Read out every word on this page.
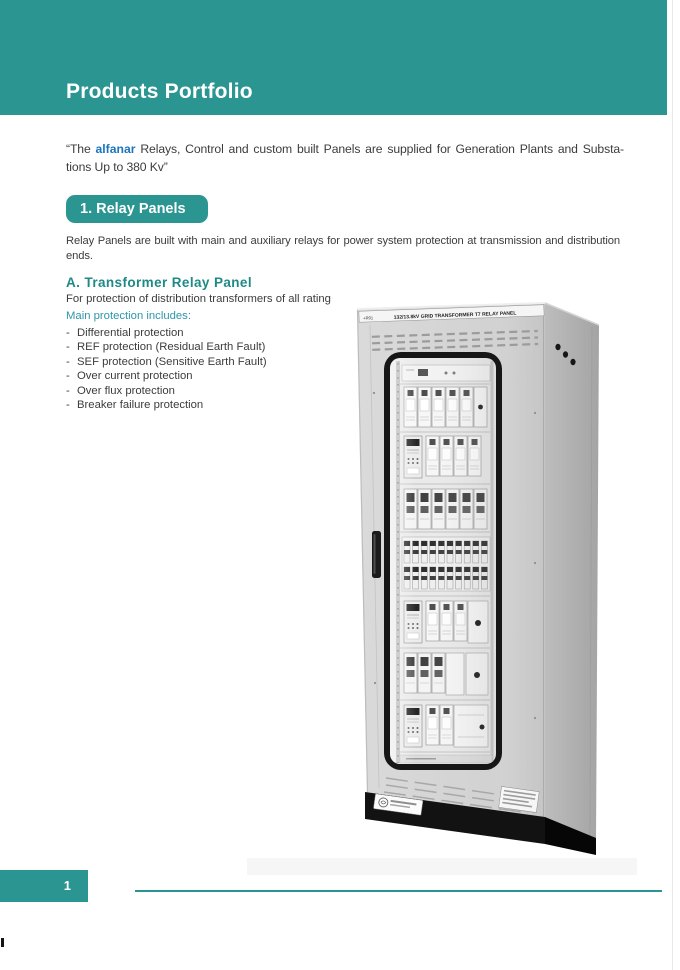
Products Portfolio

“The alfanar Relays, Control and custom built Panels are supplied for Generation Plants and Substa-
tions Up to 380 Kv”

1. Relay Panels

Relay Panels are built with main and auxiliary relays for power system protection at transmission and distribution
ends.

A. Transformer Relay Panel

For protection of distribution transformers of all rating

Main protection includes:

- Differential protection
- REF protection (Residual Earth Fault)
- SEF protection (Sensitive Earth Fault)
- Over current protection
- Over flux protection
- Breaker failure protection
+R01	132/13.8kV GRID TRANSFORMER T7 RELAY PANEL
1
